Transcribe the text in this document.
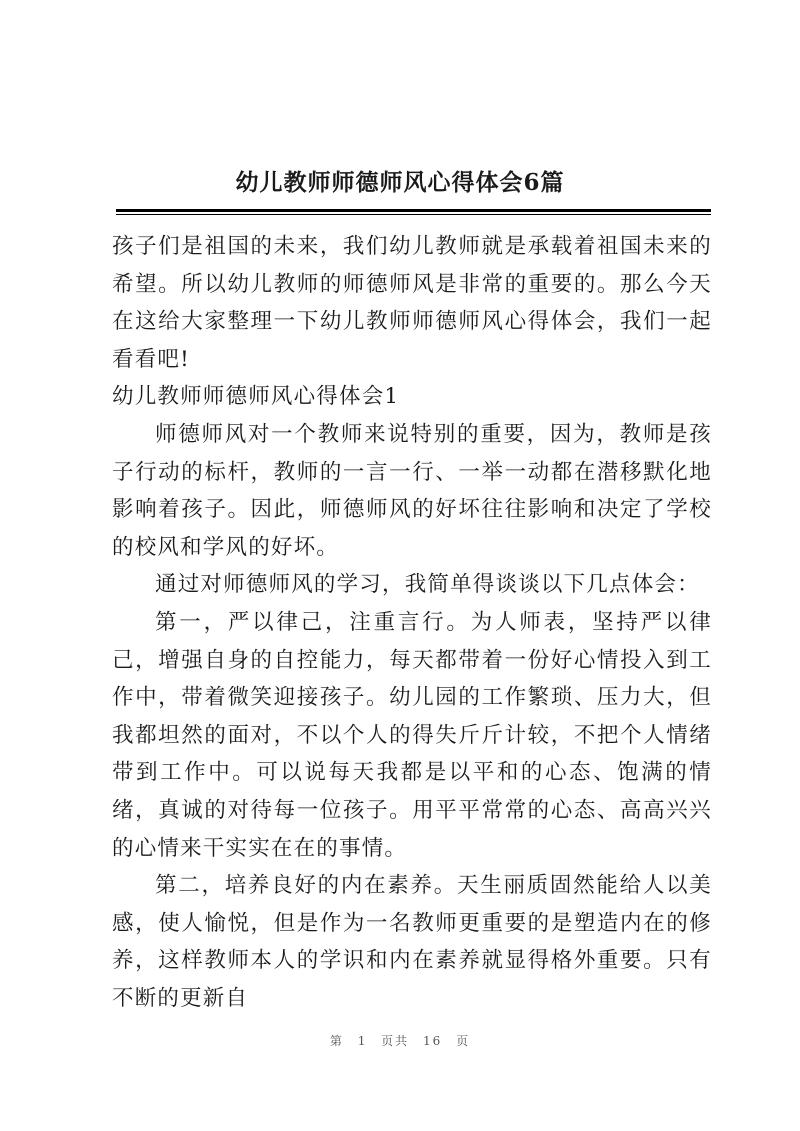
幼儿教师师德师风心得体会6篇

孩子们是祖国的未来，我们幼儿教师就是承载着祖国未来的希望。所以幼儿教师的师德师风是非常的重要的。那么今天在这给大家整理一下幼儿教师师德师风心得体会，我们一起看看吧!

幼儿教师师德师风心得体会1

师德师风对一个教师来说特别的重要，因为，教师是孩子行动的标杆，教师的一言一行、一举一动都在潜移默化地影响着孩子。因此，师德师风的好坏往往影响和决定了学校的校风和学风的好坏。

通过对师德师风的学习，我简单得谈谈以下几点体会：

第一，严以律己，注重言行。为人师表，坚持严以律己，增强自身的自控能力，每天都带着一份好心情投入到工作中，带着微笑迎接孩子。幼儿园的工作繁琐、压力大，但我都坦然的面对，不以个人的得失斤斤计较，不把个人情绪带到工作中。可以说每天我都是以平和的心态、饱满的情绪，真诚的对待每一位孩子。用平平常常的心态、高高兴兴的心情来干实实在在的事情。

第二，培养良好的内在素养。天生丽质固然能给人以美感，使人愉悦，但是作为一名教师更重要的是塑造内在的修养，这样教师本人的学识和内在素养就显得格外重要。只有不断的更新自

第 1 页共 16 页
